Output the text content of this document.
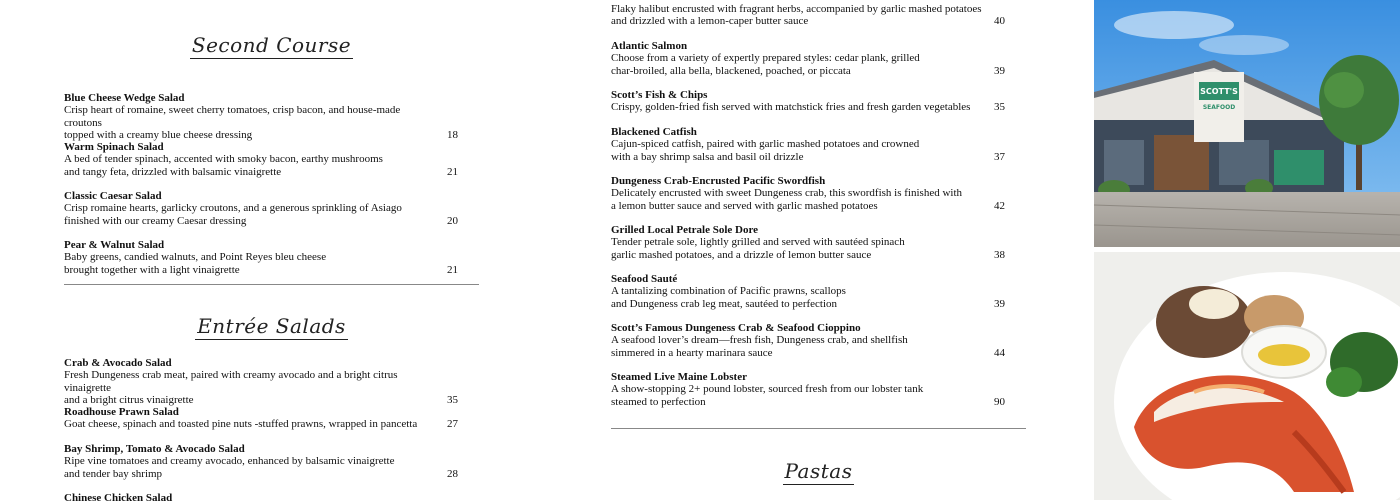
Second Course
Blue Cheese Wedge Salad
Crisp heart of romaine, sweet cherry tomatoes, crisp bacon, and house-made croutons
topped with a creamy blue cheese dressing	18
Warm Spinach Salad
A bed of tender spinach, accented with smoky bacon, earthy mushrooms
and tangy feta, drizzled with balsamic vinaigrette	21
Classic Caesar Salad
Crisp romaine hearts, garlicky croutons, and a generous sprinkling of Asiago
finished with our creamy Caesar dressing	20
Pear & Walnut Salad
Baby greens, candied walnuts, and Point Reyes bleu cheese
brought together with a light vinaigrette	21
Entrée Salads
Crab & Avocado Salad
Fresh Dungeness crab meat, paired with creamy avocado and a bright citrus vinaigrette
and a bright citrus vinaigrette	35
Roadhouse Prawn Salad
Goat cheese, spinach and toasted pine nuts -stuffed prawns, wrapped in pancetta	27
Bay Shrimp, Tomato & Avocado Salad
Ripe vine tomatoes and creamy avocado, enhanced by balsamic vinaigrette
and tender bay shrimp	28
Chinese Chicken Salad
Flaky halibut encrusted with fragrant herbs, accompanied by garlic mashed potatoes
and drizzled with a lemon-caper butter sauce	40
Atlantic Salmon
Choose from a variety of expertly prepared styles: cedar plank, grilled
char-broiled, alla bella, blackened, poached, or piccata	39
Scott’s Fish & Chips
Crispy, golden-fried fish served with matchstick fries and fresh garden vegetables	35
Blackened Catfish
Cajun-spiced catfish, paired with garlic mashed potatoes and crowned
with a bay shrimp salsa and basil oil drizzle	37
Dungeness Crab-Encrusted Pacific Swordfish
Delicately encrusted with sweet Dungeness crab, this swordfish is finished with
a lemon butter sauce and served with garlic mashed potatoes	42
Grilled Local Petrale Sole Dore
Tender petrale sole, lightly grilled and served with sautéed spinach
garlic mashed potatoes, and a drizzle of lemon butter sauce	38
Seafood Sauté
A tantalizing combination of Pacific prawns, scallops
and Dungeness crab leg meat, sautéed to perfection	39
Scott’s Famous Dungeness Crab & Seafood Cioppino
A seafood lover’s dream—fresh fish, Dungeness crab, and shellfish
simmered in a hearty marinara sauce	44
Steamed Live Maine Lobster
A show-stopping 2+ pound lobster, sourced fresh from our lobster tank
steamed to perfection	90
Pastas
SCOTT'S
SEAFOOD
